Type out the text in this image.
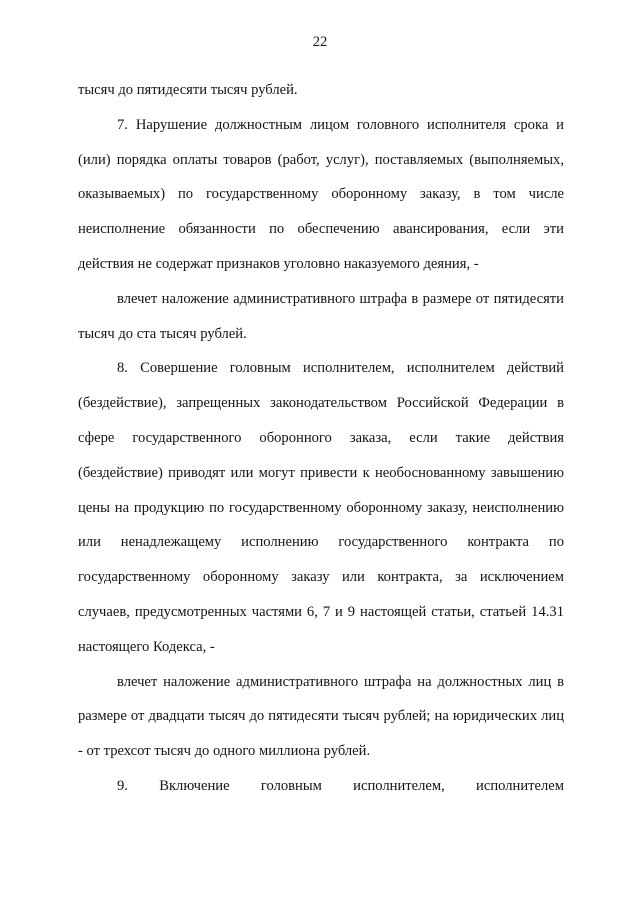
22

тысяч до пятидесяти тысяч рублей.

7. Нарушение должностным лицом головного исполнителя срока и (или) порядка оплаты товаров (работ, услуг), поставляемых (выполняемых, оказываемых) по государственному оборонному заказу, в том числе неисполнение обязанности по обеспечению авансирования, если эти действия не содержат признаков уголовно наказуемого деяния, -

влечет наложение административного штрафа в размере от пятидесяти тысяч до ста тысяч рублей.

8. Совершение головным исполнителем, исполнителем действий (бездействие), запрещенных законодательством Российской Федерации в сфере государственного оборонного заказа, если такие действия (бездействие) приводят или могут привести к необоснованному завышению цены на продукцию по государственному оборонному заказу, неисполнению или ненадлежащему исполнению государственного контракта по государственному оборонному заказу или контракта, за исключением случаев, предусмотренных частями 6, 7 и 9 настоящей статьи, статьей 14.31 настоящего Кодекса, -

влечет наложение административного штрафа на должностных лиц в размере от двадцати тысяч до пятидесяти тысяч рублей; на юридических лиц - от трехсот тысяч до одного миллиона рублей.

9. Включение головным исполнителем, исполнителем
